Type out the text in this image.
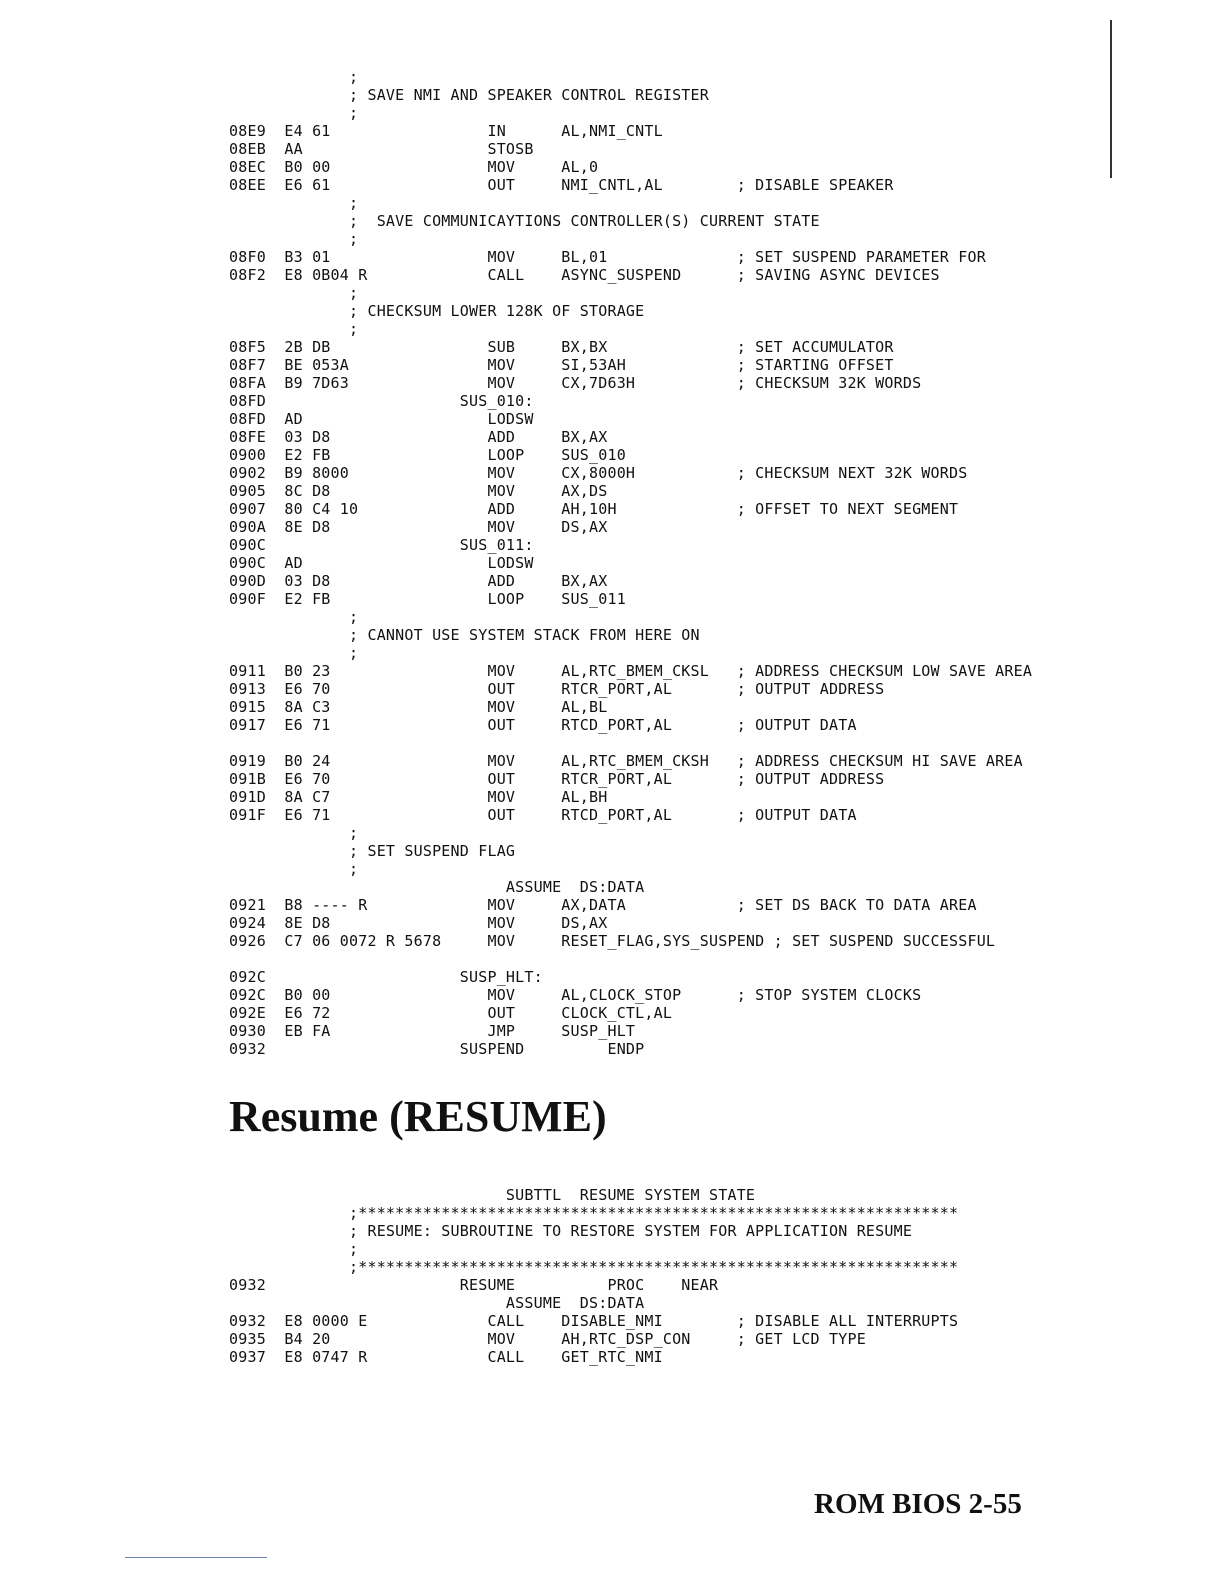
;
; SAVE NMI AND SPEAKER CONTROL REGISTER
;
08E9  E4 61                 IN      AL,NMI_CNTL
08EB  AA                    STOSB
08EC  B0 00                 MOV     AL,0
08EE  E6 61                 OUT     NMI_CNTL,AL        ; DISABLE SPEAKER
;
;  SAVE COMMUNICAYTIONS CONTROLLER(S) CURRENT STATE
;
08F0  B3 01                 MOV     BL,01              ; SET SUSPEND PARAMETER FOR
08F2  E8 0B04 R             CALL    ASYNC_SUSPEND      ; SAVING ASYNC DEVICES
;
; CHECKSUM LOWER 128K OF STORAGE
;
08F5  2B DB                 SUB     BX,BX              ; SET ACCUMULATOR
08F7  BE 053A               MOV     SI,53AH            ; STARTING OFFSET
08FA  B9 7D63               MOV     CX,7D63H           ; CHECKSUM 32K WORDS
08FD                     SUS_010:
08FD  AD                    LODSW
08FE  03 D8                 ADD     BX,AX
0900  E2 FB                 LOOP    SUS_010
0902  B9 8000               MOV     CX,8000H           ; CHECKSUM NEXT 32K WORDS
0905  8C D8                 MOV     AX,DS
0907  80 C4 10              ADD     AH,10H             ; OFFSET TO NEXT SEGMENT
090A  8E D8                 MOV     DS,AX
090C                     SUS_011:
090C  AD                    LODSW
090D  03 D8                 ADD     BX,AX
090F  E2 FB                 LOOP    SUS_011
;
; CANNOT USE SYSTEM STACK FROM HERE ON
;
0911  B0 23                 MOV     AL,RTC_BMEM_CKSL   ; ADDRESS CHECKSUM LOW SAVE AREA
0913  E6 70                 OUT     RTCR_PORT,AL       ; OUTPUT ADDRESS
0915  8A C3                 MOV     AL,BL
0917  E6 71                 OUT     RTCD_PORT,AL       ; OUTPUT DATA

0919  B0 24                 MOV     AL,RTC_BMEM_CKSH   ; ADDRESS CHECKSUM HI SAVE AREA
091B  E6 70                 OUT     RTCR_PORT,AL       ; OUTPUT ADDRESS
091D  8A C7                 MOV     AL,BH
091F  E6 71                 OUT     RTCD_PORT,AL       ; OUTPUT DATA
;
; SET SUSPEND FLAG
;
ASSUME  DS:DATA
0921  B8 ---- R             MOV     AX,DATA            ; SET DS BACK TO DATA AREA
0924  8E D8                 MOV     DS,AX
0926  C7 06 0072 R 5678     MOV     RESET_FLAG,SYS_SUSPEND ; SET SUSPEND SUCCESSFUL

092C                     SUSP_HLT:
092C  B0 00                 MOV     AL,CLOCK_STOP      ; STOP SYSTEM CLOCKS
092E  E6 72                 OUT     CLOCK_CTL,AL
0930  EB FA                 JMP     SUSP_HLT
0932                     SUSPEND         ENDP
Resume (RESUME)
SUBTTL  RESUME SYSTEM STATE
;*****************************************************************
; RESUME: SUBROUTINE TO RESTORE SYSTEM FOR APPLICATION RESUME
;
;*****************************************************************
0932                     RESUME          PROC    NEAR
ASSUME  DS:DATA
0932  E8 0000 E             CALL    DISABLE_NMI        ; DISABLE ALL INTERRUPTS
0935  B4 20                 MOV     AH,RTC_DSP_CON     ; GET LCD TYPE
0937  E8 0747 R             CALL    GET_RTC_NMI
ROM BIOS 2-55
